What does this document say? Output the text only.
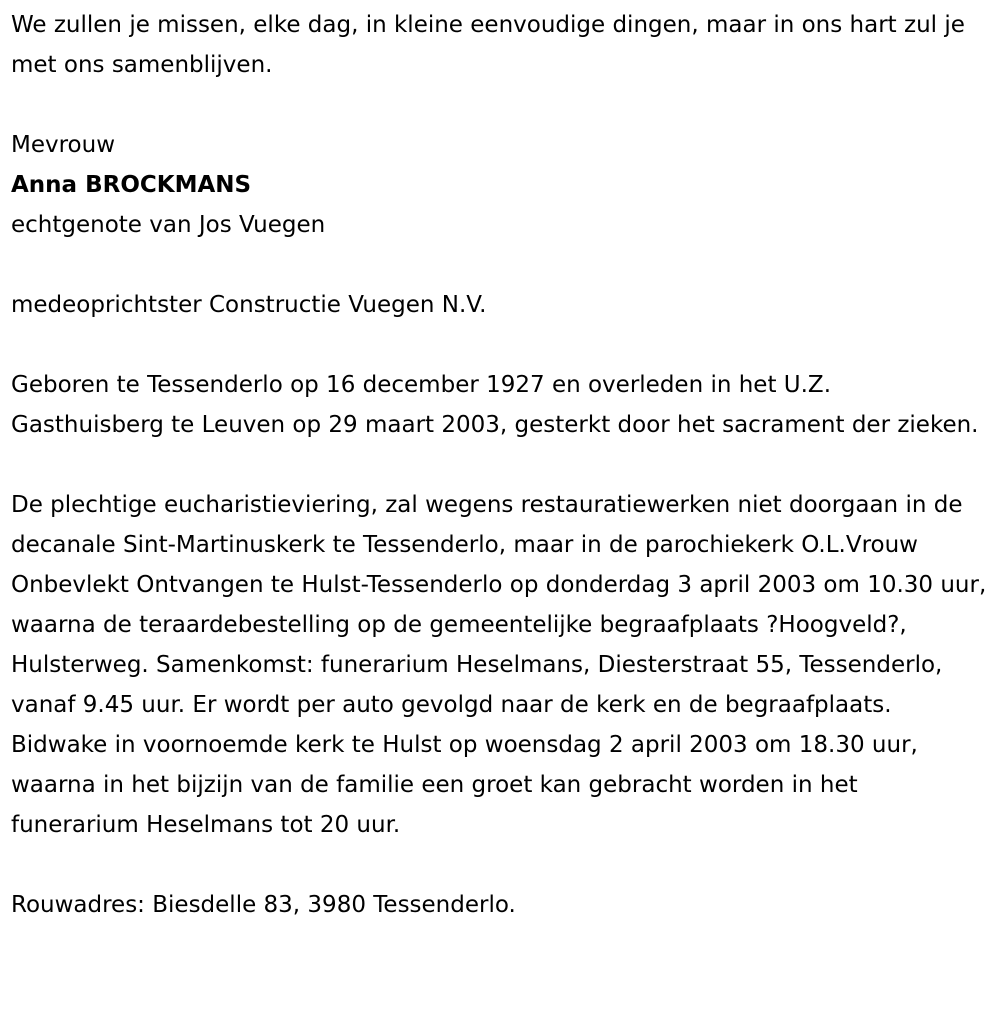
We zullen je missen, elke dag, in kleine eenvoudige dingen, maar in ons hart zul je met ons samenblijven.

Mevrouw

Anna BROCKMANS

echtgenote van Jos Vuegen

medeoprichtster Constructie Vuegen N.V.

Geboren te Tessenderlo op 16 december 1927 en overleden in het U.Z. Gasthuisberg te Leuven op 29 maart 2003, gesterkt door het sacrament der zieken.

De plechtige eucharistieviering, zal wegens restauratiewerken niet doorgaan in de decanale Sint-Martinuskerk te Tessenderlo, maar in de parochiekerk O.L.Vrouw Onbevlekt Ontvangen te Hulst-Tessenderlo op donderdag 3 april 2003 om 10.30 uur, waarna de teraardebestelling op de gemeentelijke begraafplaats ?Hoogveld?, Hulsterweg. Samenkomst: funerarium Heselmans, Diesterstraat 55, Tessenderlo, vanaf 9.45 uur. Er wordt per auto gevolgd naar de kerk en de begraafplaats. Bidwake in voornoemde kerk te Hulst op woensdag 2 april 2003 om 18.30 uur, waarna in het bijzijn van de familie een groet kan gebracht worden in het funerarium Heselmans tot 20 uur.

Rouwadres: Biesdelle 83, 3980 Tessenderlo.
